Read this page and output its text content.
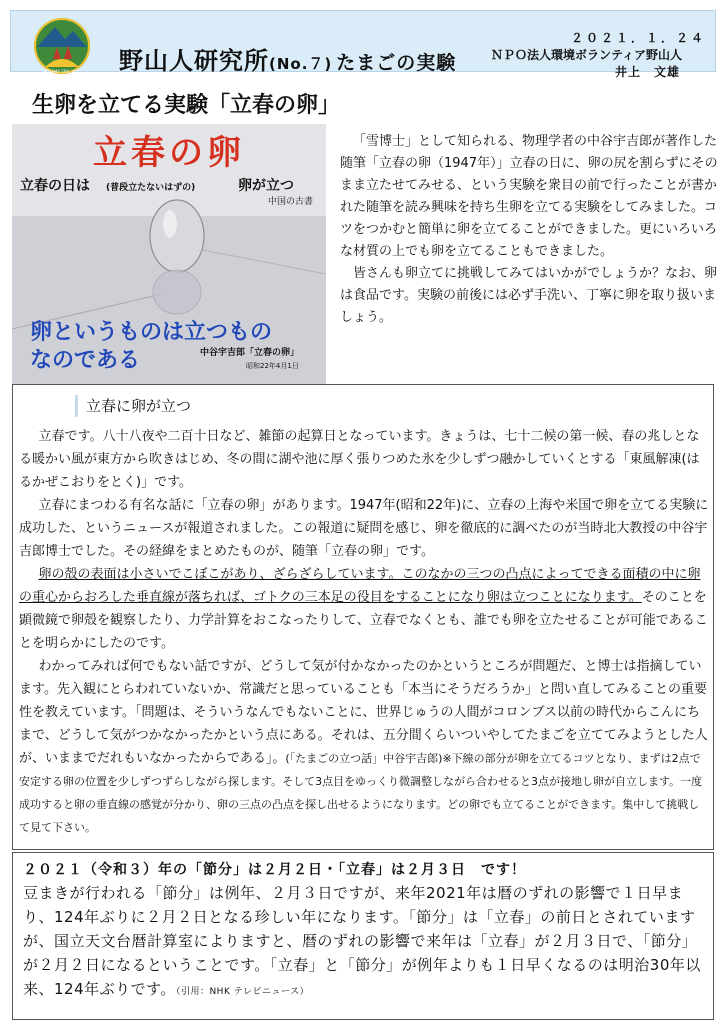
NOYAMA ENV. VOL. 野山人研究所(No.７) たまごの実験
２０２１．１．２４
ＮＰＯ法人環境ボランティア野山人
井上　文雄
生卵を立てる実験「立春の卵」
立春の卵
立春の日は (普段立たないはずの)	卵が立つ
中国の古書
卵というものは立つもの
なのである	中谷宇吉郎「立春の卵」
昭和22年4月1日

「雪博士」として知られる、物理学者の中谷宇吉郎が著作した随筆「立春の卵（1947年）」立春の日に、卵の尻を割らずにそのまま立たせてみせる、という実験を衆目の前で行ったことが書かれた随筆を読み興味を持ち生卵を立てる実験をしてみました。コツをつかむと簡単に卵を立てることができました。更にいろいろな材質の上でも卵を立てることもできました。

皆さんも卵立てに挑戦してみてはいかがでしょうか？なお、卵は食品です。実験の前後には必ず手洗い、丁寧に卵を取り扱いましょう。

立春に卵が立つ

立春です。八十八夜や二百十日など、雑節の起算日となっています。きょうは、七十二候の第一候、春の兆しとなる暖かい風が東方から吹きはじめ、冬の間に湖や池に厚く張りつめた氷を少しずつ融かしていくとする「東風解凍(はるかぜこおりをとく)」です。

立春にまつわる有名な話に「立春の卵」があります。1947年(昭和22年)に、立春の上海や米国で卵を立てる実験に成功した、というニュースが報道されました。この報道に疑問を感じ、卵を徹底的に調べたのが当時北大教授の中谷宇吉郎博士でした。その経緯をまとめたものが、随筆「立春の卵」です。

卵の殻の表面は小さいでこぼこがあり、ざらざらしています。このなかの三つの凸点によってできる面積の中に卵の重心からおろした垂直線が落ちれば、ゴトクの三本足の役目をすることになり卵は立つことになります。そのことを顕微鏡で卵殻を観察したり、力学計算をおこなったりして、立春でなくとも、誰でも卵を立たせることが可能であることを明らかにしたのです。

わかってみれば何でもない話ですが、どうして気が付かなかったのかというところが問題だ、と博士は指摘しています。先入観にとらわれていないか、常識だと思っていることも「本当にそうだろうか」と問い直してみることの重要性を教えています。「問題は、そういうなんでもないことに、世界じゅうの人間がコロンブス以前の時代からこんにちまで、どうして気がつかなかったかという点にある。それは、五分間くらいついやしてたまごを立ててみようとした人が、いままでだれもいなかったからである」。(「たまごの立つ話」中谷宇吉郎)※下線の部分が卵を立てるコツとなり、まずは2点で安定する卵の位置を少しずつずらしながら探します。そして3点目をゆっくり微調整しながら合わせると3点が接地し卵が自立します。一度成功すると卵の垂直線の感覚が分かり、卵の三点の凸点を探し出せるようになります。どの卵でも立てることができます。集中して挑戦して見て下さい。

２０２１（令和３）年の「節分」は２月２日・「立春」は２月３日　です！
豆まきが行われる「節分」は例年、２月３日ですが、来年2021年は暦のずれの影響で１日早まり、124年ぶりに２月２日となる珍しい年になります。「節分」は「立春」の前日とされていますが、国立天文台暦計算室によりますと、暦のずれの影響で来年は「立春」が２月３日で、「節分」が２月２日になるということです。「立春」と「節分」が例年よりも１日早くなるのは明治30年以来、124年ぶりです。（引用：NHK テレビニュース）
